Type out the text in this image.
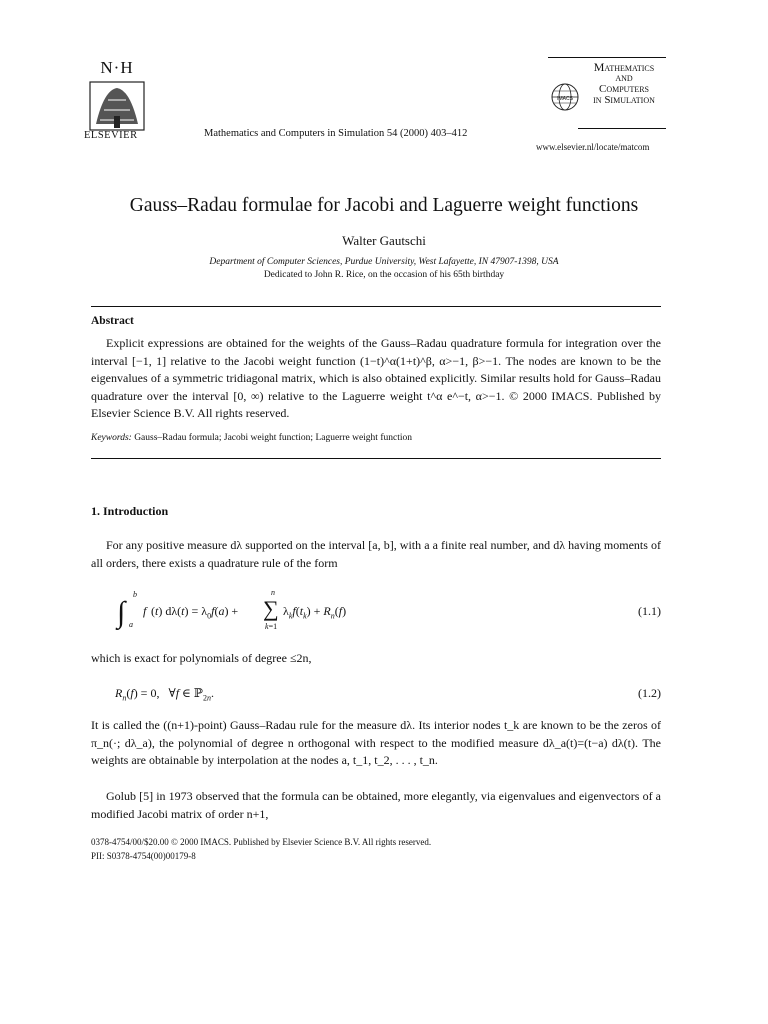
N·H
ELSEVIER	Mathematics and Computers in Simulation 54 (2000) 403–412
IMACS
Mathematics
and
Computers
in Simulation
www.elsevier.nl/locate/matcom
Gauss–Radau formulae for Jacobi and Laguerre weight functions
Walter Gautschi
Department of Computer Sciences, Purdue University, West Lafayette, IN 47907-1398, USA
Dedicated to John R. Rice, on the occasion of his 65th birthday
Abstract
Explicit expressions are obtained for the weights of the Gauss–Radau quadrature formula for integration over the interval [−1, 1] relative to the Jacobi weight function (1−t)^α(1+t)^β, α>−1, β>−1. The nodes are known to be the eigenvalues of a symmetric tridiagonal matrix, which is also obtained explicitly. Similar results hold for Gauss–Radau quadrature over the interval [0, ∞) relative to the Laguerre weight t^α e^−t, α>−1. © 2000 IMACS. Published by Elsevier Science B.V. All rights reserved.
Keywords: Gauss–Radau formula; Jacobi weight function; Laguerre weight function
1. Introduction
For any positive measure dλ supported on the interval [a, b], with a a finite real number, and dλ having moments of all orders, there exists a quadrature rule of the form
∫
b
a
f (t) $d\lambda(t) = \lambda_0f(a)$ +
n
∑
k=1
$\lambda_kf(t_k) + R_n(f)$	(1.1)
which is exact for polynomials of degree ≤2n,
$R_n(f) = 0$,   ∀f ∈ ℙ$_{2n}$.	(1.2)
It is called the ((n+1)-point) Gauss–Radau rule for the measure dλ. Its interior nodes t_k are known to be the zeros of π_n(·; dλ_a), the polynomial of degree n orthogonal with respect to the modified measure dλ_a(t)=(t−a) dλ(t). The weights are obtainable by interpolation at the nodes a, t_1, t_2, . . . , t_n.
Golub [5] in 1973 observed that the formula can be obtained, more elegantly, via eigenvalues and eigenvectors of a modified Jacobi matrix of order n+1,
0378-4754/00/$20.00 © 2000 IMACS. Published by Elsevier Science B.V. All rights reserved.
PII: S0378-4754(00)00179-8
